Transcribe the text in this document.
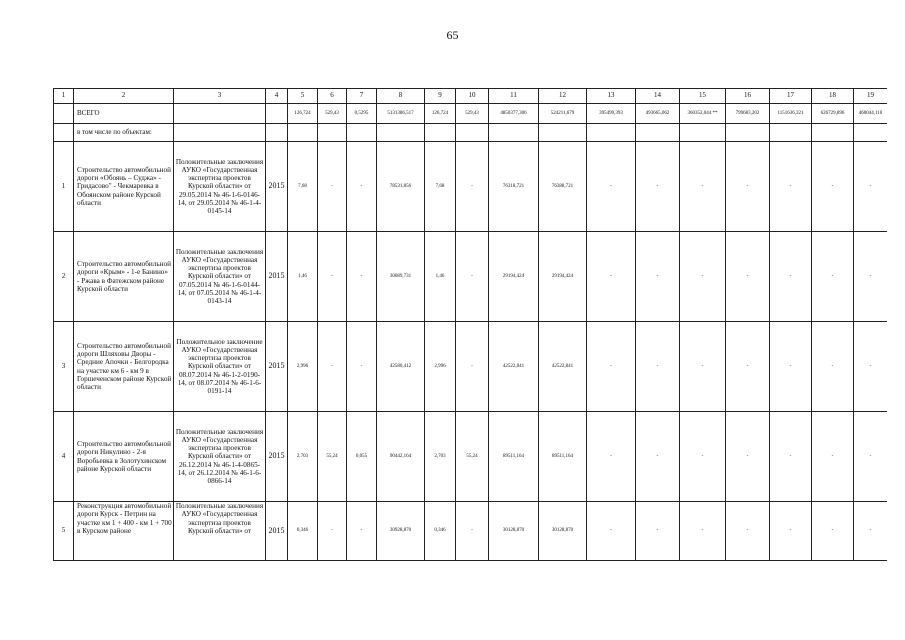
65
1	2	3	4	5	6	7	8	9	10	11	12	13	14	15	16	17	18	19
	ВСЕГО			126,724	529,43	0,5295	5131386,517	126,724	529,43	4850377,306	524211,679	395499,393	493665,062	360352,044 **	799683,202	1151636,321	626729,896	460044,110
	в том числе по объектам:																	
1	Строительство автомобильной дороги «Обоянь – Суджа» - Гридасово" - Чекмаревка в Обоянском районе Курской области	Положительные заключения АУКО «Государственная экспертиза проектов Курской области» от 29.05.2014 № 46-1-6-0146-14, от 29.05.2014 № 46-1-4-0145-14	2015	7,68	-	-	78531,856	7,68	-	76318,721	76388,721	-	-	-	-	-	-	-
2	Строительство автомобильной дороги «Крым» - 1-е Банино» - Ржава в Фатежском районе Курской области	Положительные заключения АУКО «Государственная экспертиза проектов Курской области» от 07.05.2014 № 46-1-6-0144-14, от 07.05.2014 № 46-1-4-0143-14	2015	1,46	-	-	30089,731	1,46	-	29194,424	29194,424	-	-	-	-	-	-	-
3	Строительство автомобильной дороги Шляховы Дворы - Средние Апочки - Белгородка на участке км 6 - км 9 в Горшеченском районе Курской области	Положительное заключение АУКО «Государственная экспертиза проектов Курской области» от 08.07.2014 № 46-1-2-0190-14, от 08.07.2014 № 46-1-6-0191-14	2015	2,996	-	-	42580,412	2,996	-	42522,841	42522,841	-	-	-	-	-	-	-
4	Строительство автомобильной дороги Никулино - 2-я Воробьевка в Золотухинском районе Курской области	Положительные заключения АУКО «Государственная экспертиза проектов Курской области» от 26.12.2014 № 46-1-4-0865-14, от 26.12.2014 № 46-1-6-0866-14	2015	2,703	55,24	0,055	90442,164	2,703	55,24	89511,164	89511,164	-	-	-	-	-	-	-
5	Реконструкция автомобильной дороги Курск - Петрин на участке км 1 + 400 - км 1 + 700 в Курском районе	Положительные заключения АУКО «Государственная экспертиза проектов Курской области» от	2015	0,346	-	-	30928,870	0,346	-	30128,870	30128,870	-	-	-	-	-	-	-
